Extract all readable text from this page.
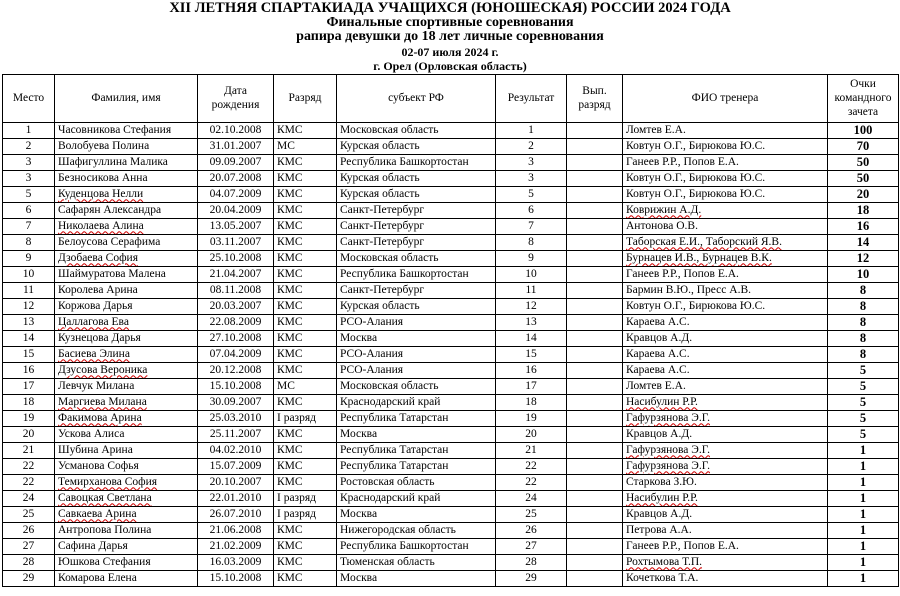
XII ЛЕТНЯЯ СПАРТАКИАДА УЧАЩИХСЯ (ЮНОШЕСКАЯ) РОССИИ 2024 ГОДА
Финальные спортивные соревнования
рапира девушки до 18 лет личные соревнования
02-07 июля 2024 г.
г. Орел (Орловская область)
Место	Фамилия, имя	Дата рождения	Разряд	субъект РФ	Результат	Вып. разряд	ФИО тренера	Очки командного зачета
1	Часовникова Стефания	02.10.2008	КМС	Московская область	1		Ломтев Е.А.	100
2	Волобуева Полина	31.01.2007	МС	Курская область	2		Ковтун О.Г., Бирюкова Ю.С.	70
3	Шафигуллина Малика	09.09.2007	КМС	Республика Башкортостан	3		Ганеев Р.Р., Попов Е.А.	50
3	Безносикова Анна	20.07.2008	КМС	Курская область	3		Ковтун О.Г., Бирюкова Ю.С.	50
5	Куденцова Нелли	04.07.2009	КМС	Курская область	5		Ковтун О.Г., Бирюкова Ю.С.	20
6	Сафарян Александра	20.04.2009	КМС	Санкт-Петербург	6		Коврижин А.Д.	18
7	Николаева Алина	13.05.2007	КМС	Санкт-Петербург	7		Антонова О.В.	16
8	Белоусова Серафима	03.11.2007	КМС	Санкт-Петербург	8		Таборская Е.И., Таборский Я.В.	14
9	Дзобаева София	25.10.2008	КМС	Московская область	9		Бурнацев И.В., Бурнацев В.К.	12
10	Шаймуратова Малена	21.04.2007	КМС	Республика Башкортостан	10		Ганеев Р.Р., Попов Е.А.	10
11	Королева Арина	08.11.2008	КМС	Санкт-Петербург	11		Бармин В.Ю., Пресс А.В.	8
12	Коржова Дарья	20.03.2007	КМС	Курская область	12		Ковтун О.Г., Бирюкова Ю.С.	8
13	Цаллагова Ева	22.08.2009	КМС	РСО-Алания	13		Караева А.С.	8
14	Кузнецова Дарья	27.10.2008	КМС	Москва	14		Кравцов А.Д.	8
15	Басиева Элина	07.04.2009	КМС	РСО-Алания	15		Караева А.С.	8
16	Дзусова Вероника	20.12.2008	КМС	РСО-Алания	16		Караева А.С.	5
17	Левчук Милана	15.10.2008	МС	Московская область	17		Ломтев Е.А.	5
18	Маргиева Милана	30.09.2007	КМС	Краснодарский край	18		Насибулин Р.Р.	5
19	Факимова Арина	25.03.2010	I разряд	Республика Татарстан	19		Гафурзянова Э.Г.	5
20	Ускова Алиса	25.11.2007	КМС	Москва	20		Кравцов А.Д.	5
21	Шубина Арина	04.02.2010	КМС	Республика Татарстан	21		Гафурзянова Э.Г.	1
22	Усманова Софья	15.07.2009	КМС	Республика Татарстан	22		Гафурзянова Э.Г.	1
22	Темирханова София	20.10.2007	КМС	Ростовская область	22		Старкова З.Ю.	1
24	Савоцкая Светлана	22.01.2010	I разряд	Краснодарский край	24		Насибулин Р.Р.	1
25	Савкаева Арина	26.07.2010	I разряд	Москва	25		Кравцов А.Д.	1
26	Антропова Полина	21.06.2008	КМС	Нижегородская область	26		Петрова А.А.	1
27	Сафина Дарья	21.02.2009	КМС	Республика Башкортостан	27		Ганеев Р.Р., Попов Е.А.	1
28	Юшкова Стефания	16.03.2009	КМС	Тюменская область	28		Рохтымова Т.П.	1
29	Комарова Елена	15.10.2008	КМС	Москва	29		Кочеткова Т.А.	1
